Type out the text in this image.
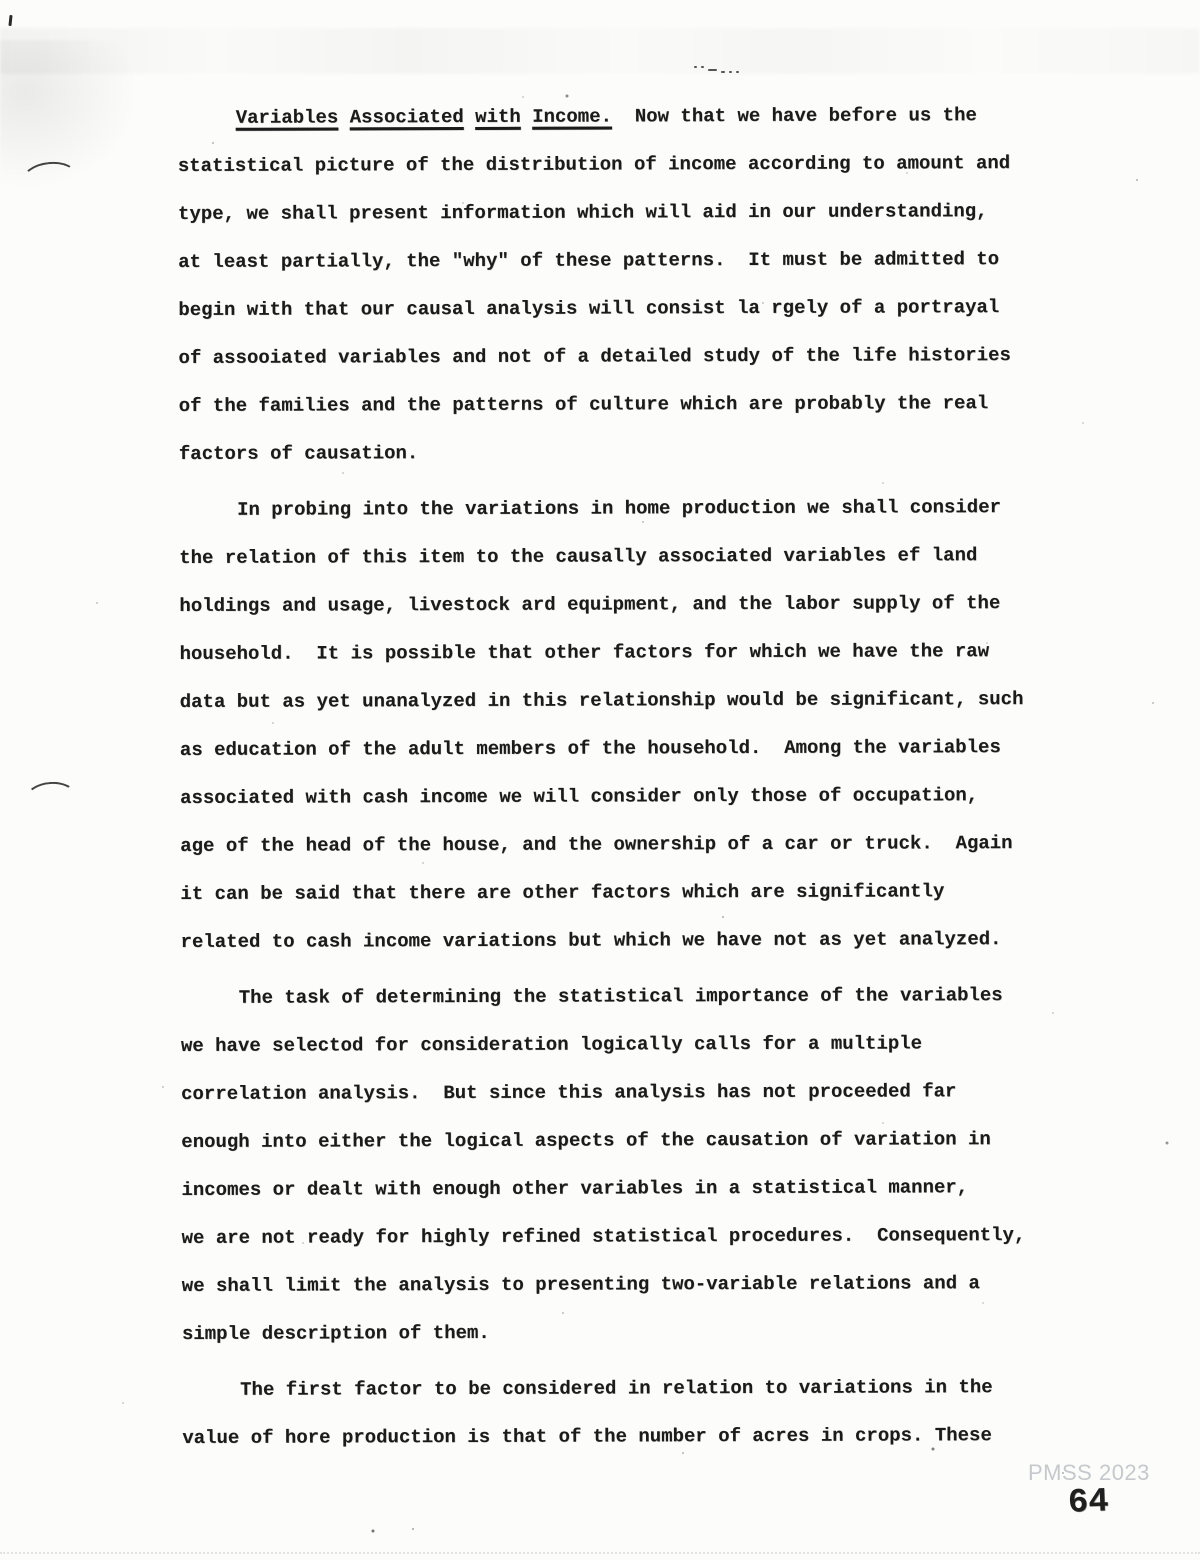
Variables Associated with Income.  Now that we have before us the
statistical picture of the distribution of income according to amount and
type, we shall present information which will aid in our understanding,
at least partially, the "why" of these patterns.  It must be admitted to
begin with that our causal analysis will consist la rgely of a portrayal
of assooiated variables and not of a detailed study of the life histories
of the families and the patterns of culture which are probably the real
factors of causation.
In probing into the variations in home production we shall consider
the relation of this item to the causally associated variables ef land
holdings and usage, livestock ard equipment, and the labor supply of the
household.  It is possible that other factors for which we have the raw
data but as yet unanalyzed in this relationship would be significant, such
as education of the adult members of the household.  Among the variables
associated with cash income we will consider only those of occupation,
age of the head of the house, and the ownership of a car or truck.  Again
it can be said that there are other factors which are significantly
related to cash income variations but which we have not as yet analyzed.
The task of determining the statistical importance of the variables
we have selectod for consideration logically calls for a multiple
correlation analysis.  But since this analysis has not proceeded far
enough into either the logical aspects of the causation of variation in
incomes or dealt with enough other variables in a statistical manner,
we are not ready for highly refined statistical procedures.  Consequently,
we shall limit the analysis to presenting two-variable relations and a
simple description of them.
The first factor to be considered in relation to variations in the
value of hore production is that of the number of acres in crops. These
PMSS 2023
64
